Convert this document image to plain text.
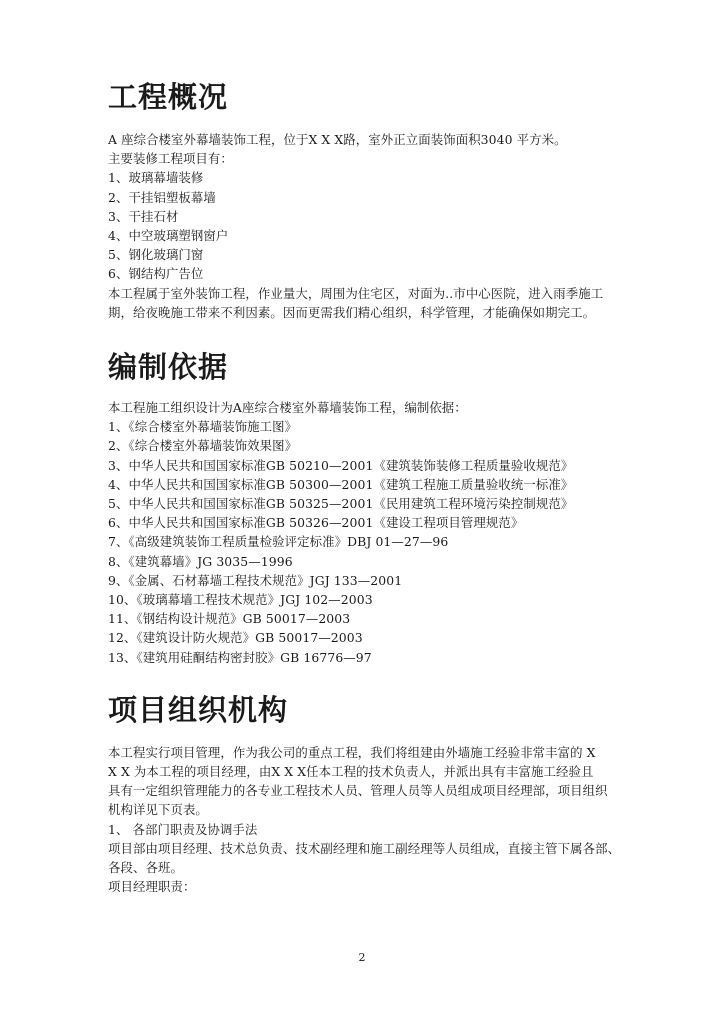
工程概况

A 座综合楼室外幕墙装饰工程，位于X X X路，室外正立面装饰面积3040 平方米。

主要装修工程项目有：

1、玻璃幕墙装修

2、干挂铝塑板幕墙

3、干挂石材

4、中空玻璃塑钢窗户

5、钢化玻璃门窗

6、钢结构广告位

本工程属于室外装饰工程，作业量大，周围为住宅区，对面为..市中心医院，进入雨季施工

期，给夜晚施工带来不利因素。因而更需我们精心组织，科学管理，才能确保如期完工。

编制依据

本工程施工组织设计为A座综合楼室外幕墙装饰工程，编制依据：

1、《综合楼室外幕墙装饰施工图》

2、《综合楼室外幕墙装饰效果图》

3、中华人民共和国国家标准GB 50210—2001《建筑装饰装修工程质量验收规范》

4、中华人民共和国国家标准GB 50300—2001《建筑工程施工质量验收统一标准》

5、中华人民共和国国家标准GB 50325—2001《民用建筑工程环境污染控制规范》

6、中华人民共和国国家标准GB 50326—2001《建设工程项目管理规范》

7、《高级建筑装饰工程质量检验评定标准》DBJ 01—27—96

8、《建筑幕墙》JG 3035—1996

9、《金属、石材幕墙工程技术规范》JGJ 133—2001

10、《玻璃幕墙工程技术规范》JGJ 102—2003

11、《钢结构设计规范》GB 50017—2003

12、《建筑设计防火规范》GB 50017—2003

13、《建筑用硅酮结构密封胶》GB 16776—97

项目组织机构

本工程实行项目管理，作为我公司的重点工程，我们将组建由外墙施工经验非常丰富的 X

X X 为本工程的项目经理，由X X X任本工程的技术负责人，并派出具有丰富施工经验且

具有一定组织管理能力的各专业工程技术人员、管理人员等人员组成项目经理部，项目组织

机构详见下页表。

1、 各部门职责及协调手法

项目部由项目经理、技术总负责、技术副经理和施工副经理等人员组成，直接主管下属各部、

各段、各班。

项目经理职责：

2
